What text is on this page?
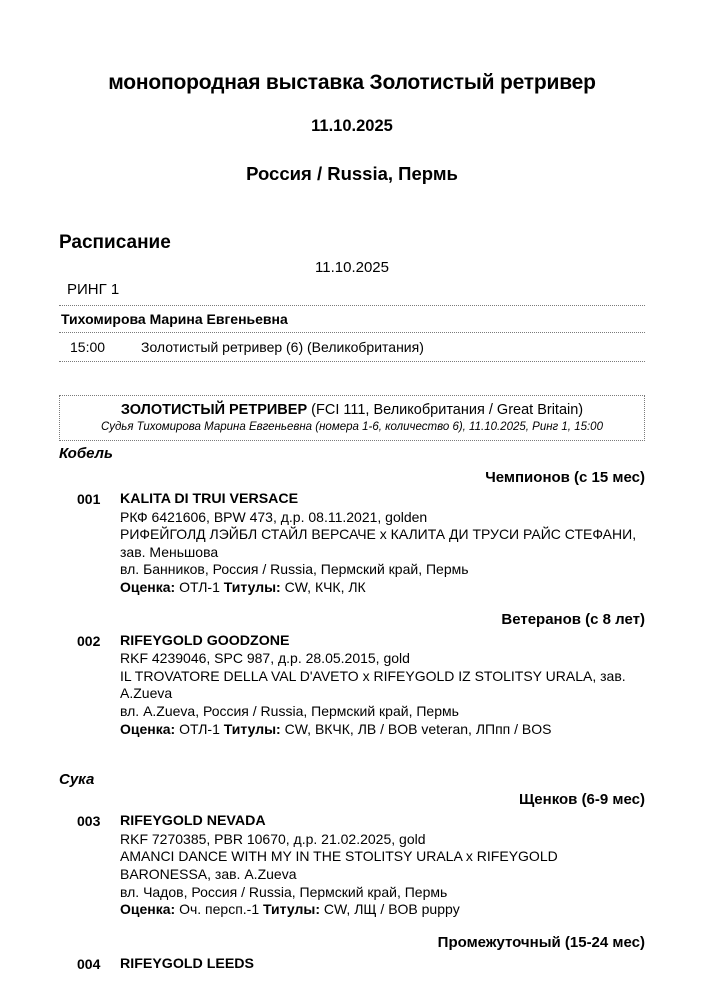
монопородная выставка Золотистый ретривер
11.10.2025
Россия / Russia, Пермь
Расписание
11.10.2025
РИНГ 1
Тихомирова Марина Евгеньевна
15:00	Золотистый ретривер (6) (Великобритания)
ЗОЛОТИСТЫЙ РЕТРИВЕР (FCI 111, Великобритания / Great Britain)
Судья Тихомирова Марина Евгеньевна (номера 1-6, количество 6), 11.10.2025, Ринг 1, 15:00
Кобель
Чемпионов (с 15 мес)
001	KALITA DI TRUI VERSACE
РКФ 6421606, BPW 473, д.р. 08.11.2021, golden
РИФЕЙГОЛД ЛЭЙБЛ СТАЙЛ ВЕРСАЧЕ х КАЛИТА ДИ ТРУСИ РАЙС СТЕФАНИ, зав. Меньшова
вл. Банников, Россия / Russia, Пермский край, Пермь
Оценка: ОТЛ-1 Титулы: CW, КЧК, ЛК
Ветеранов (с 8 лет)
002	RIFEYGOLD GOODZONE
RKF 4239046, SPC 987, д.р. 28.05.2015, gold
IL TROVATORE DELLA VAL D'AVETO x RIFEYGOLD IZ STOLITSY URALA, зав. A.Zueva
вл. A.Zueva, Россия / Russia, Пермский край, Пермь
Оценка: ОТЛ-1 Титулы: CW, ВКЧК, ЛВ / BOB veteran, ЛПпп / BOS
Сука
Щенков (6-9 мес)
003	RIFEYGOLD NEVADA
RKF 7270385, PBR 10670, д.р. 21.02.2025, gold
AMANCI DANCE WITH MY IN THE STOLITSY URALA x RIFEYGOLD BARONESSA, зав. A.Zueva
вл. Чадов, Россия / Russia, Пермский край, Пермь
Оценка: Оч. персп.-1 Титулы: CW, ЛЩ / BOB puppy
Промежуточный (15-24 мес)
004	RIFEYGOLD LEEDS
